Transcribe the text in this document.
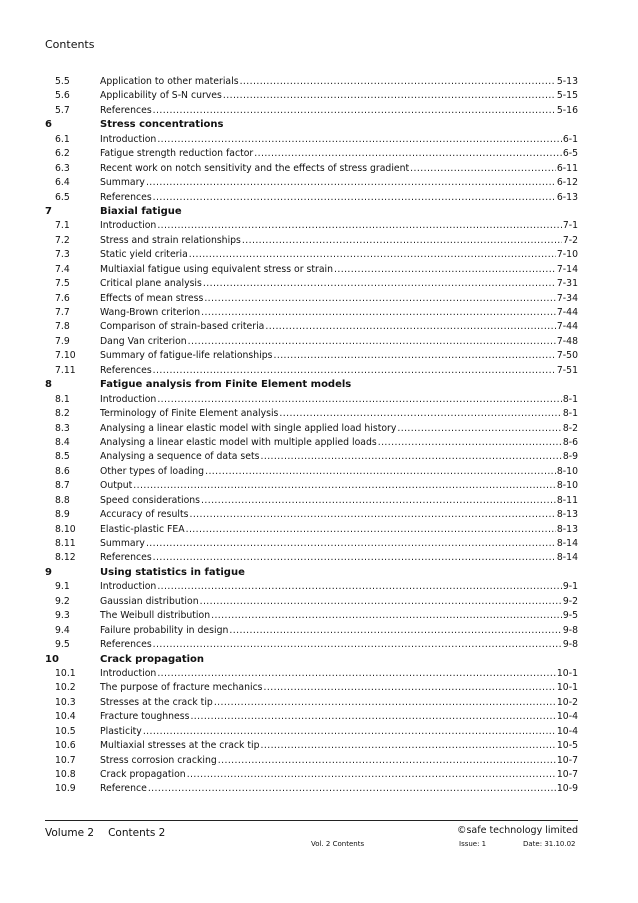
Contents
5.5	Application to other materials .....	5-13
5.6	Applicability of S-N curves .....	5-15
5.7	References .....	5-16
6	Stress concentrations
6.1	Introduction .....	6-1
6.2	Fatigue strength reduction factor .....	6-5
6.3	Recent work on notch sensitivity and the effects of stress gradient .....	6-11
6.4	Summary .....	6-12
6.5	References .....	6-13
7	Biaxial fatigue
7.1	Introduction .....	7-1
7.2	Stress and strain relationships .....	7-2
7.3	Static yield criteria .....	7-10
7.4	Multiaxial fatigue using equivalent stress or strain .....	7-14
7.5	Critical plane analysis .....	7-31
7.6	Effects of mean stress .....	7-34
7.7	Wang-Brown criterion .....	7-44
7.8	Comparison of strain-based criteria .....	7-44
7.9	Dang Van criterion .....	7-48
7.10	Summary of fatigue-life relationships .....	7-50
7.11	References .....	7-51
8	Fatigue analysis from Finite Element models
8.1	Introduction .....	8-1
8.2	Terminology of Finite Element analysis .....	8-1
8.3	Analysing a linear elastic model with single applied load history .....	8-2
8.4	Analysing a linear elastic model with multiple applied loads .....	8-6
8.5	Analysing a sequence of data sets .....	8-9
8.6	Other types of loading .....	8-10
8.7	Output .....	8-10
8.8	Speed considerations .....	8-11
8.9	Accuracy of results .....	8-13
8.10	Elastic-plastic FEA .....	8-13
8.11	Summary .....	8-14
8.12	References .....	8-14
9	Using statistics in fatigue
9.1	Introduction .....	9-1
9.2	Gaussian distribution .....	9-2
9.3	The Weibull distribution .....	9-5
9.4	Failure probability in design .....	9-8
9.5	References .....	9-8
10	Crack propagation
10.1	Introduction .....	10-1
10.2	The purpose of fracture mechanics .....	10-1
10.3	Stresses at the crack tip .....	10-2
10.4	Fracture toughness .....	10-4
10.5	Plasticity .....	10-4
10.6	Multiaxial stresses at the crack tip .....	10-5
10.7	Stress corrosion cracking .....	10-7
10.8	Crack propagation .....	10-7
10.9	Reference .....	10-9
Volume 2 Contents 2	©safe technology limited
Vol. 2 Contents	Issue: 1	Date: 31.10.02
